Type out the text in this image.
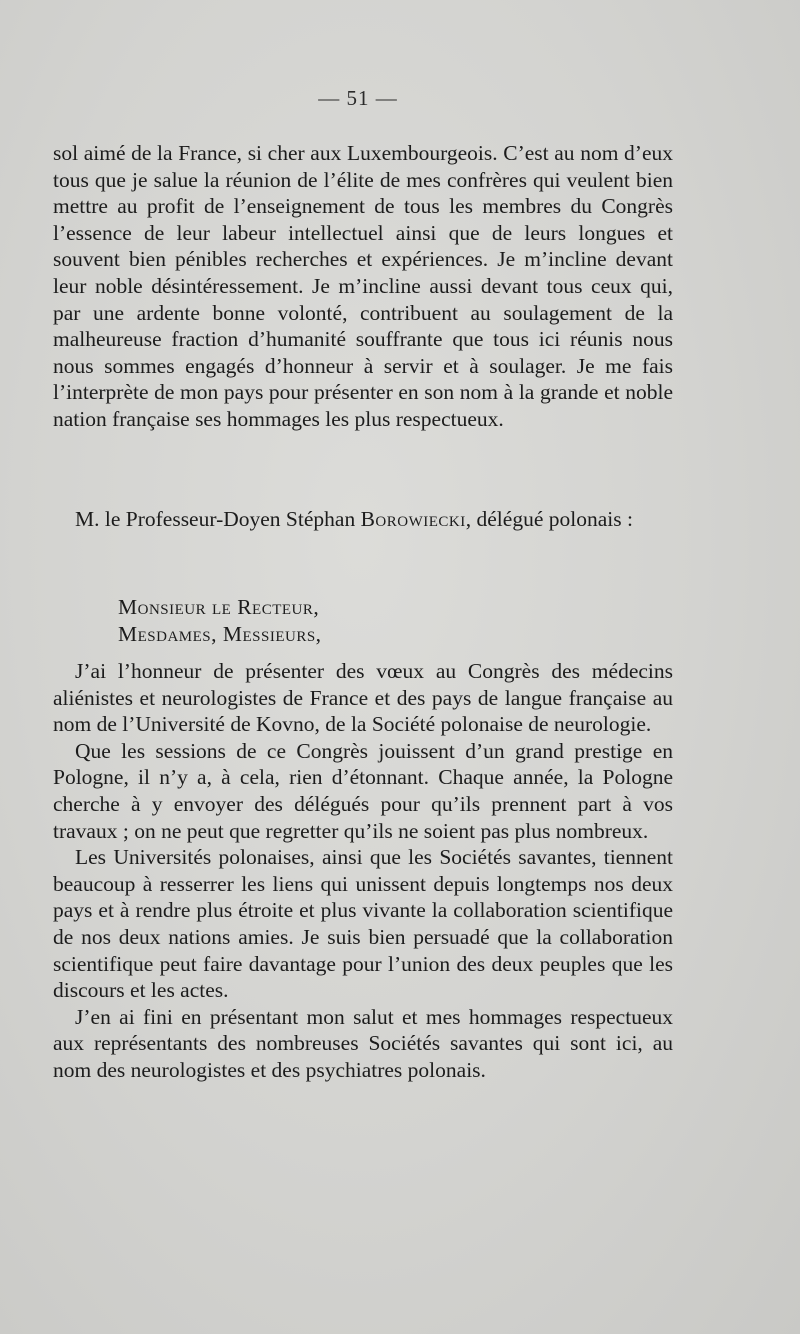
— 51 —

sol aimé de la France, si cher aux Luxembourgeois. C’est au nom d’eux tous que je salue la réunion de l’élite de mes confrères qui veulent bien mettre au profit de l’enseignement de tous les membres du Congrès l’essence de leur labeur intellectuel ainsi que de leurs longues et souvent bien pénibles recherches et expériences. Je m’incline devant leur noble désintéressement. Je m’incline aussi devant tous ceux qui, par une ardente bonne volonté, contribuent au soulagement de la malheureuse fraction d’humanité souffrante que tous ici réunis nous nous sommes engagés d’honneur à servir et à soulager. Je me fais l’interprète de mon pays pour présenter en son nom à la grande et noble nation française ses hommages les plus respectueux.

M. le Professeur-Doyen Stéphan Borowiecki, délégué polonais :

Monsieur le Recteur,
Mesdames, Messieurs,

J’ai l’honneur de présenter des vœux au Congrès des médecins aliénistes et neurologistes de France et des pays de langue française au nom de l’Université de Kovno, de la Société polonaise de neurologie.

Que les sessions de ce Congrès jouissent d’un grand prestige en Pologne, il n’y a, à cela, rien d’étonnant. Chaque année, la Pologne cherche à y envoyer des délégués pour qu’ils prennent part à vos travaux ; on ne peut que regretter qu’ils ne soient pas plus nombreux.

Les Universités polonaises, ainsi que les Sociétés savantes, tiennent beaucoup à resserrer les liens qui unissent depuis longtemps nos deux pays et à rendre plus étroite et plus vivante la collaboration scientifique de nos deux nations amies. Je suis bien persuadé que la collaboration scientifique peut faire davantage pour l’union des deux peuples que les discours et les actes.

J’en ai fini en présentant mon salut et mes hommages respectueux aux représentants des nombreuses Sociétés savantes qui sont ici, au nom des neurologistes et des psychiatres polonais.
